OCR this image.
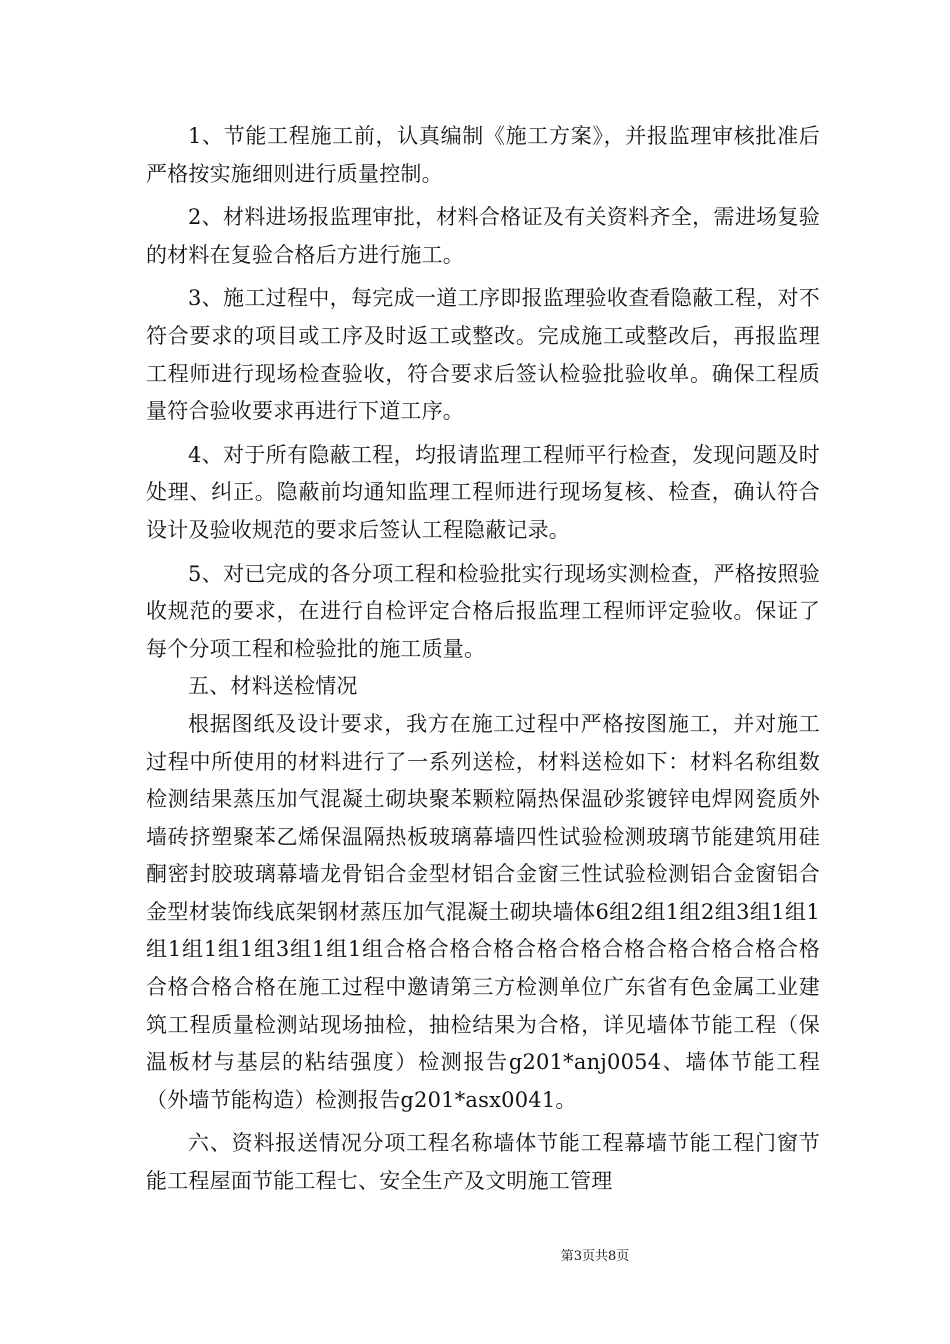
1、节能工程施工前，认真编制《施工方案》，并报监理审核批准后严格按实施细则进行质量控制。

2、材料进场报监理审批，材料合格证及有关资料齐全，需进场复验的材料在复验合格后方进行施工。

3、施工过程中，每完成一道工序即报监理验收查看隐蔽工程，对不符合要求的项目或工序及时返工或整改。完成施工或整改后，再报监理工程师进行现场检查验收，符合要求后签认检验批验收单。确保工程质量符合验收要求再进行下道工序。

4、对于所有隐蔽工程，均报请监理工程师平行检查，发现问题及时处理、纠正。隐蔽前均通知监理工程师进行现场复核、检查，确认符合设计及验收规范的要求后签认工程隐蔽记录。

5、对已完成的各分项工程和检验批实行现场实测检查，严格按照验收规范的要求，在进行自检评定合格后报监理工程师评定验收。保证了每个分项工程和检验批的施工质量。

五、材料送检情况

根据图纸及设计要求，我方在施工过程中严格按图施工，并对施工过程中所使用的材料进行了一系列送检，材料送检如下：材料名称组数检测结果蒸压加气混凝土砌块聚苯颗粒隔热保温砂浆镀锌电焊网瓷质外墙砖挤塑聚苯乙烯保温隔热板玻璃幕墙四性试验检测玻璃节能建筑用硅酮密封胶玻璃幕墙龙骨铝合金型材铝合金窗三性试验检测铝合金窗铝合金型材装饰线底架钢材蒸压加气混凝土砌块墙体6组2组1组2组3组1组1组1组1组1组3组1组1组合格合格合格合格合格合格合格合格合格合格合格合格合格在施工过程中邀请第三方检测单位广东省有色金属工业建筑工程质量检测站现场抽检，抽检结果为合格，详见墙体节能工程（保温板材与基层的粘结强度）检测报告g201*anj0054、墙体节能工程（外墙节能构造）检测报告g201*asx0041。

六、资料报送情况分项工程名称墙体节能工程幕墙节能工程门窗节能工程屋面节能工程七、安全生产及文明施工管理

第3页共8页
